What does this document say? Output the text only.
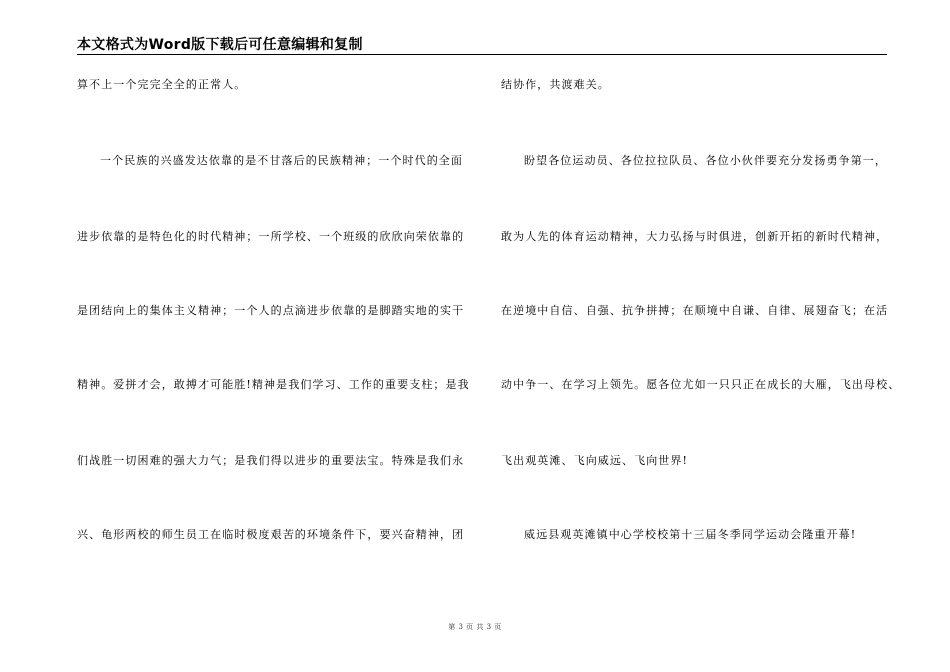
本文格式为Word版下载后可任意编辑和复制
算不上一个完完全全的正常人。
一个民族的兴盛发达依靠的是不甘落后的民族精神；一个时代的全面
进步依靠的是特色化的时代精神；一所学校、一个班级的欣欣向荣依靠的
是团结向上的集体主义精神；一个人的点滴进步依靠的是脚踏实地的实干
精神。爱拼才会，敢搏才可能胜!精神是我们学习、工作的重要支柱；是我
们战胜一切困难的强大力气；是我们得以进步的重要法宝。特殊是我们永
兴、龟形两校的师生员工在临时极度艰苦的环境条件下，要兴奋精神，团
结协作，共渡难关。
盼望各位运动员、各位拉拉队员、各位小伙伴要充分发扬勇争第一，
敢为人先的体育运动精神，大力弘扬与时俱进，创新开拓的新时代精神，
在逆境中自信、自强、抗争拼搏；在顺境中自谦、自律、展翅奋飞；在活
动中争一、在学习上领先。愿各位尤如一只只正在成长的大雁，飞出母校、
飞出观英滩、飞向威远、飞向世界!
威远县观英滩镇中心学校校第十三届冬季同学运动会隆重开幕!
第 3 页 共 3 页
